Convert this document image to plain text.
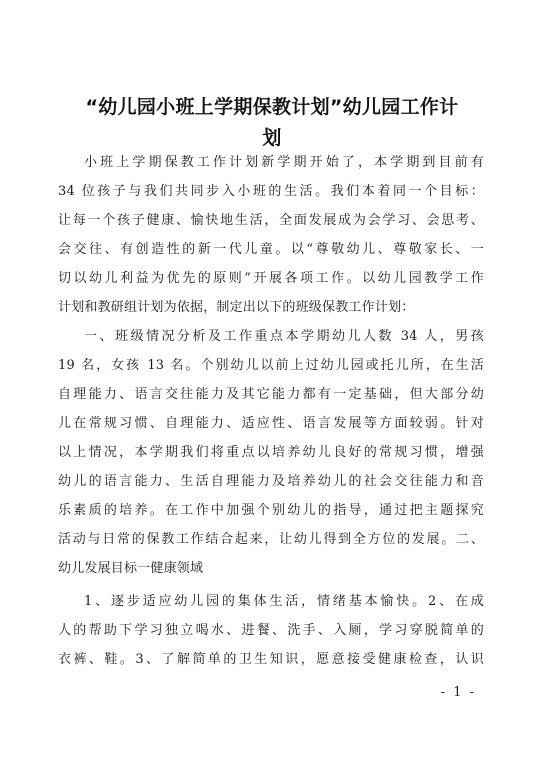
“幼儿园小班上学期保教计划”幼儿园工作计
划
小班上学期保教工作计划新学期开始了，本学期到目前有
34 位孩子与我们共同步入小班的生活。我们本着同一个目标：
让每一个孩子健康、愉快地生活，全面发展成为会学习、会思考、
会交往、有创造性的新一代儿童。以“尊敬幼儿、尊敬家长、一
切以幼儿利益为优先的原则”开展各项工作。以幼儿园教学工作
计划和教研组计划为依据，制定出以下的班级保教工作计划：
一、班级情况分析及工作重点本学期幼儿人数 34 人，男孩
19 名，女孩 13 名。个别幼儿以前上过幼儿园或托儿所，在生活
自理能力、语言交往能力及其它能力都有一定基础，但大部分幼
儿在常规习惯、自理能力、适应性、语言发展等方面较弱。针对
以上情况，本学期我们将重点以培养幼儿良好的常规习惯，增强
幼儿的语言能力、生活自理能力及培养幼儿的社会交往能力和音
乐素质的培养。在工作中加强个别幼儿的指导，通过把主题探究
活动与日常的保教工作结合起来，让幼儿得到全方位的发展。二、
幼儿发展目标一健康领域
1、逐步适应幼儿园的集体生活，情绪基本愉快。2、在成
人的帮助下学习独立喝水、进餐、洗手、入厕，学习穿脱简单的
衣裤、鞋。3、了解简单的卫生知识，愿意接受健康检查，认识
- 1 -
